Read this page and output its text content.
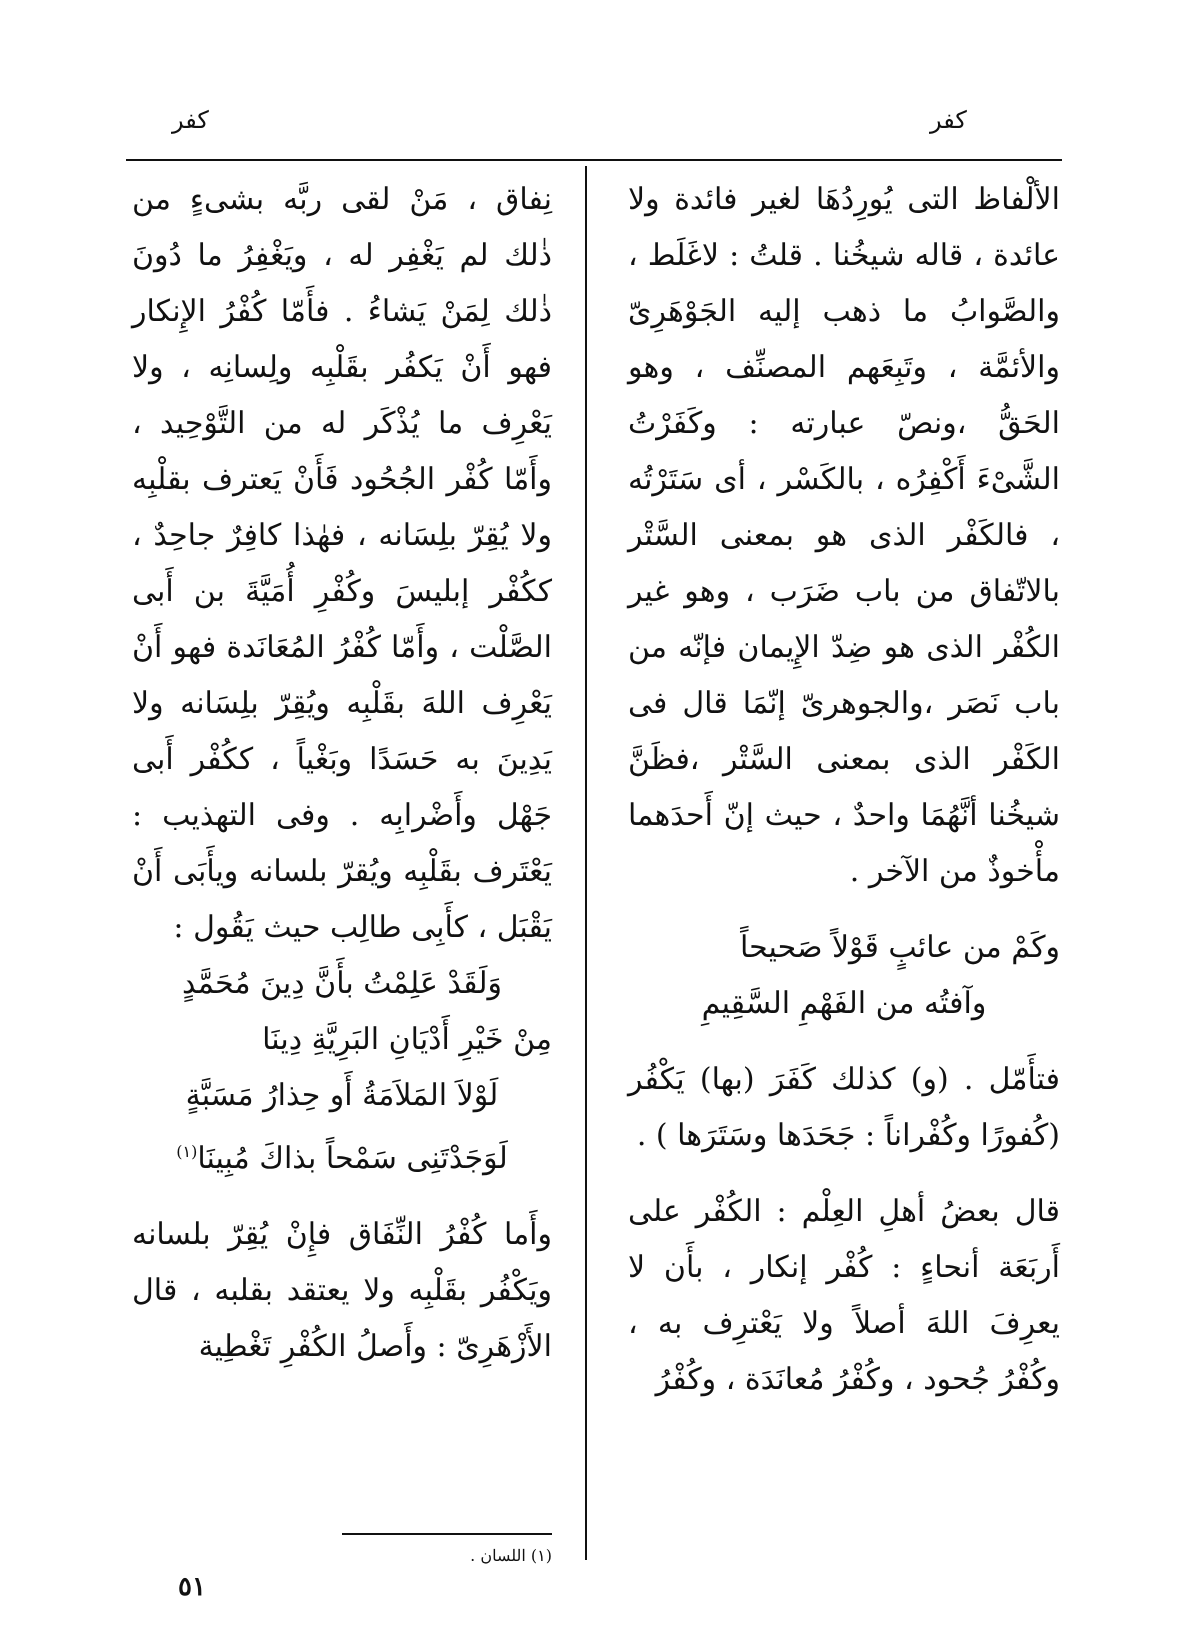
كفر
كفر

الألْفاظ التى يُورِدُهَا لغير فائدة ولا عائدة ، قاله شيخُنا . قلتُ : لاغَلَط ، والصَّوابُ ما ذهب إليه الجَوْهَرِىّ والأئمَّة ، وتَبِعَهم المصنِّف ، وهو الحَقُّ ،ونصّ عبارته : وكَفَرْتُ الشَّىْءَ أَكْفِرُه ، بالكَسْر ، أى سَتَرْتُه ، فالكَفْر الذى هو بمعنى السَّتْر بالاتّفاق من باب ضَرَب ، وهو غير الكُفْر الذى هو ضِدّ الإِيمان فإنّه من باب نَصَر ،والجوهرىّ إنّمَا قال فى الكَفْر الذى بمعنى السَّتْر ،فظَنَّ شيخُنا أنَّهُمَا واحدٌ ، حيث إنّ أَحدَهما مأْخوذٌ من الآخر .

وكَمْ من عائبٍ قَوْلاً صَحيحاً

وآفتُه من الفَهْمِ السَّقِيمِ

فتأَمّل . (و) كذلك كَفَرَ (بها) يَكْفُر (كُفورًا وكُفْراناً : جَحَدَها وسَتَرَها ) .

قال بعضُ أهلِ العِلْم : الكُفْر على أَربَعَة أنحاءٍ : كُفْر إنكار ، بأَن لا يعرِفَ اللهَ أصلاً ولا يَعْترِف به ، وكُفْرُ جُحود ، وكُفْرُ مُعانَدَة ، وكُفْرُ

نِفاق ، مَنْ لقى ربَّه بشىءٍ من ذٰلك لم يَغْفِر له ، ويَغْفِرُ ما دُونَ ذٰلك لِمَنْ يَشاءُ . فأَمّا كُفْرُ الإِنكار فهو أَنْ يَكفُر بقَلْبِه ولِسانِه ، ولا يَعْرِف ما يُذْكَر له من التَّوْحِيد ، وأَمّا كُفْر الجُحُود فَأَنْ يَعترف بقلْبِه ولا يُقِرّ بلِسَانه ، فهٰذا كافِرٌ جاحِدٌ ، ككُفْر إبليسَ وكُفْرِ أُمَيَّةَ بن أَبى الصَّلْت ، وأَمّا كُفْرُ المُعَانَدة فهو أَنْ يَعْرِف اللهَ بقَلْبِه ويُقِرّ بلِسَانه ولا يَدِينَ به حَسَدًا وبَغْياً ، ككُفْر أَبى جَهْل وأَضْرابِه . وفى التهذيب : يَعْتَرف بقَلْبِه ويُقرّ بلسانه ويأَبَى أَنْ يَقْبَل ، كأَبِى طالِب حيث يَقُول :

وَلَقَدْ عَلِمْتُ بأَنَّ دِينَ مُحَمَّدٍ

مِنْ خَيْرِ أَدْيَانِ البَرِيَّةِ دِينَا

لَوْلاَ المَلاَمَةُ أَو حِذارُ مَسَبَّةٍ

لَوَجَدْتَنِى سَمْحاً بذاكَ مُبِينَا$^{(١)}$

وأَما كُفْرُ النِّفَاق فإِنْ يُقِرّ بلسانه ويَكْفُر بقَلْبِه ولا يعتقد بقلبه ، قال الأَزْهَرِىّ : وأَصلُ الكُفْرِ تَغْطِية

(١) اللسان .
٥١
